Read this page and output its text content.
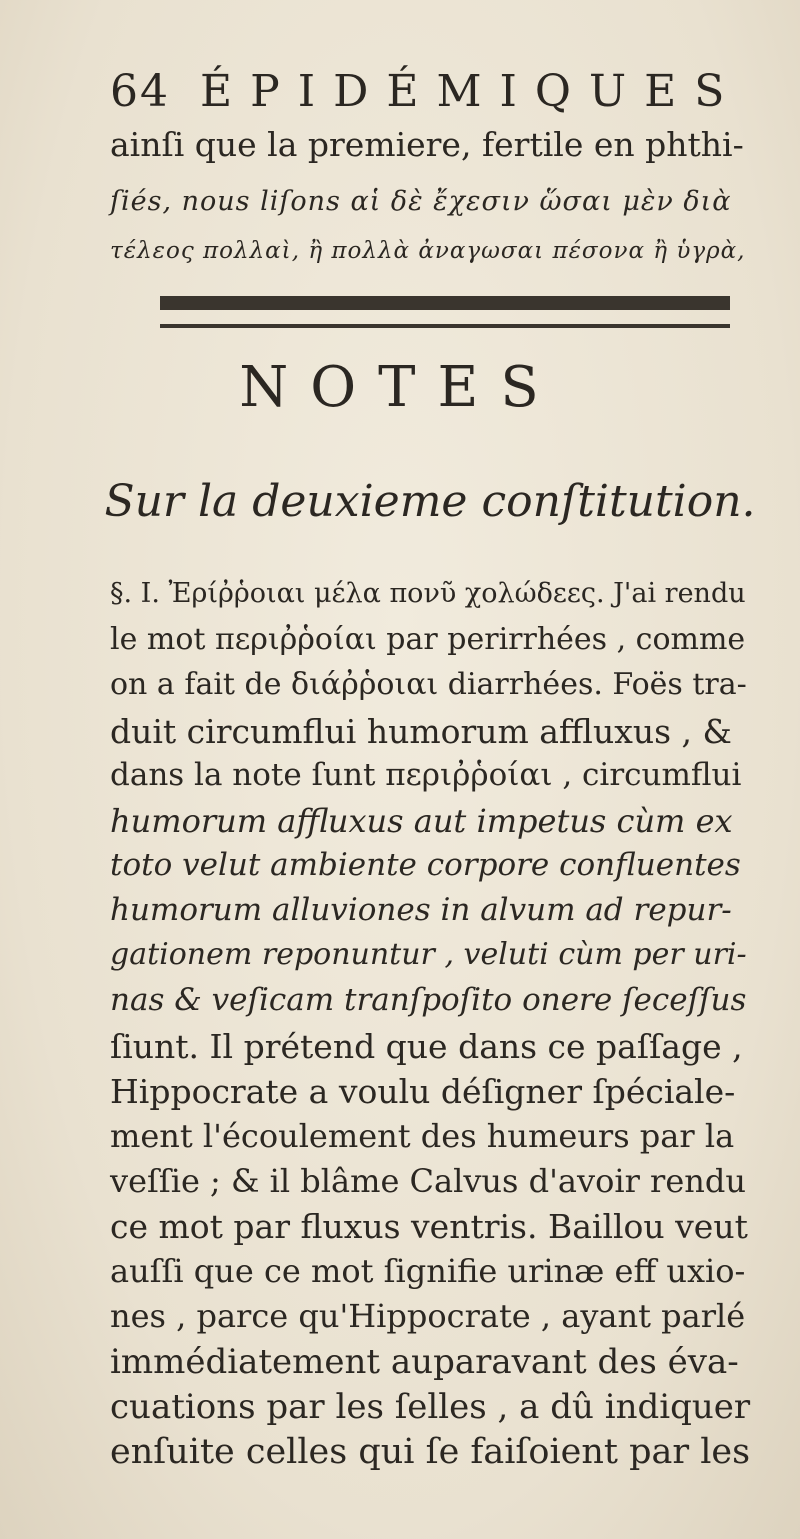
64 ÉPIDÉMIQUES
ainſi que la premiere, fertile en phthi-
ſiés, nous liſons αἱ δὲ ἔχεσιν ὥσαι μὲν διὰ
τέλεος πολλαὶ, ἢ πολλὰ ἀναγωσαι πέσονα ἢ ὑγρὰ,
NOTES
Sur la deuxieme conſtitution.
§. I. Ἐρίῤῥοιαι μέλα πονῦ χολώδεες. J'ai rendu
le mot περιῤῥοίαι par perirrhées , comme
on a fait de διάῤῥοιαι diarrhées. Foës tra-
duit circumflui humorum affluxus , &
dans la note ſunt περιῤῥοίαι , circumflui
humorum affluxus aut impetus cùm ex
toto velut ambiente corpore confluentes
humorum alluviones in alvum ad repur-
gationem reponuntur , veluti cùm per uri-
nas & veſicam tranſpoſito onere ſeceſſus
ſiunt. Il prétend que dans ce paſſage ,
Hippocrate a voulu déſigner ſpéciale-
ment l'écoulement des humeurs par la
veſſie ; & il blâme Calvus d'avoir rendu
ce mot par fluxus ventris. Baillou veut
auſſi que ce mot ſignifie urinæ eff uxio-
nes , parce qu'Hippocrate , ayant parlé
immédiatement auparavant des éva-
cuations par les ſelles , a dû indiquer
enſuite celles qui ſe faiſoient par les
